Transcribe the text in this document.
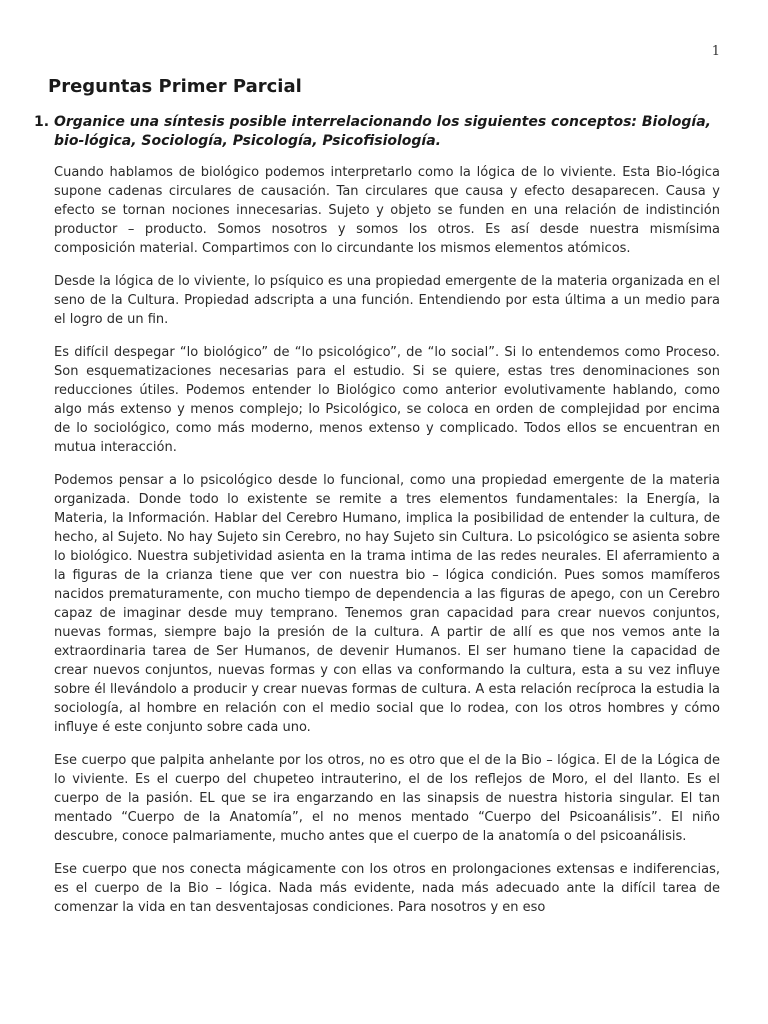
1
Preguntas Primer Parcial
1. Organice una síntesis posible interrelacionando los siguientes conceptos: Biología, bio-lógica, Sociología, Psicología, Psicofisiología.

Cuando hablamos de biológico podemos interpretarlo como la lógica de lo viviente. Esta Bio-lógica supone cadenas circulares de causación. Tan circulares que causa y efecto desaparecen. Causa y efecto se tornan nociones innecesarias. Sujeto y objeto se funden en una relación de indistinción productor – producto. Somos nosotros y somos los otros. Es así desde nuestra mismísima composición material. Compartimos con lo circundante los mismos elementos atómicos.

Desde la lógica de lo viviente, lo psíquico es una propiedad emergente de la materia organizada en el seno de la Cultura. Propiedad adscripta a una función. Entendiendo por esta última a un medio para el logro de un fin.

Es difícil despegar “lo biológico” de “lo psicológico”, de “lo social”. Si lo entendemos como Proceso. Son esquematizaciones necesarias para el estudio. Si se quiere, estas tres denominaciones son reducciones útiles. Podemos entender lo Biológico como anterior evolutivamente hablando, como algo más extenso y menos complejo; lo Psicológico, se coloca en orden de complejidad por encima de lo sociológico, como más moderno, menos extenso y complicado. Todos ellos se encuentran en mutua interacción.

Podemos pensar a lo psicológico desde lo funcional, como una propiedad emergente de la materia organizada. Donde todo lo existente se remite a tres elementos fundamentales: la Energía, la Materia, la Información. Hablar del Cerebro Humano, implica la posibilidad de entender la cultura, de hecho, al Sujeto. No hay Sujeto sin Cerebro, no hay Sujeto sin Cultura. Lo psicológico se asienta sobre lo biológico. Nuestra subjetividad asienta en la trama intima de las redes neurales. El aferramiento a la figuras de la crianza tiene que ver con nuestra bio – lógica condición. Pues somos mamíferos nacidos prematuramente, con mucho tiempo de dependencia a las figuras de apego, con un Cerebro capaz de imaginar desde muy temprano. Tenemos gran capacidad para crear nuevos conjuntos, nuevas formas, siempre bajo la presión de la cultura. A partir de allí es que nos vemos ante la extraordinaria tarea de Ser Humanos, de devenir Humanos. El ser humano tiene la capacidad de crear nuevos conjuntos, nuevas formas y con ellas va conformando la cultura, esta a su vez influye sobre él llevándolo a producir y crear nuevas formas de cultura. A esta relación recíproca la estudia la sociología, al hombre en relación con el medio social que lo rodea, con los otros hombres y cómo influye é este conjunto sobre cada uno.

Ese cuerpo que palpita anhelante por los otros, no es otro que el de la Bio – lógica. El de la Lógica de lo viviente. Es el cuerpo del chupeteo intrauterino, el de los reflejos de Moro, el del llanto. Es el cuerpo de la pasión. EL que se ira engarzando en las sinapsis de nuestra historia singular. El tan mentado “Cuerpo de la Anatomía”, el no menos mentado “Cuerpo del Psicoanálisis”. El niño descubre, conoce palmariamente, mucho antes que el cuerpo de la anatomía o del psicoanálisis.

Ese cuerpo que nos conecta mágicamente con los otros en prolongaciones extensas e indiferencias, es el cuerpo de la Bio – lógica. Nada más evidente, nada más adecuado ante la difícil tarea de comenzar la vida en tan desventajosas condiciones. Para nosotros y en eso
